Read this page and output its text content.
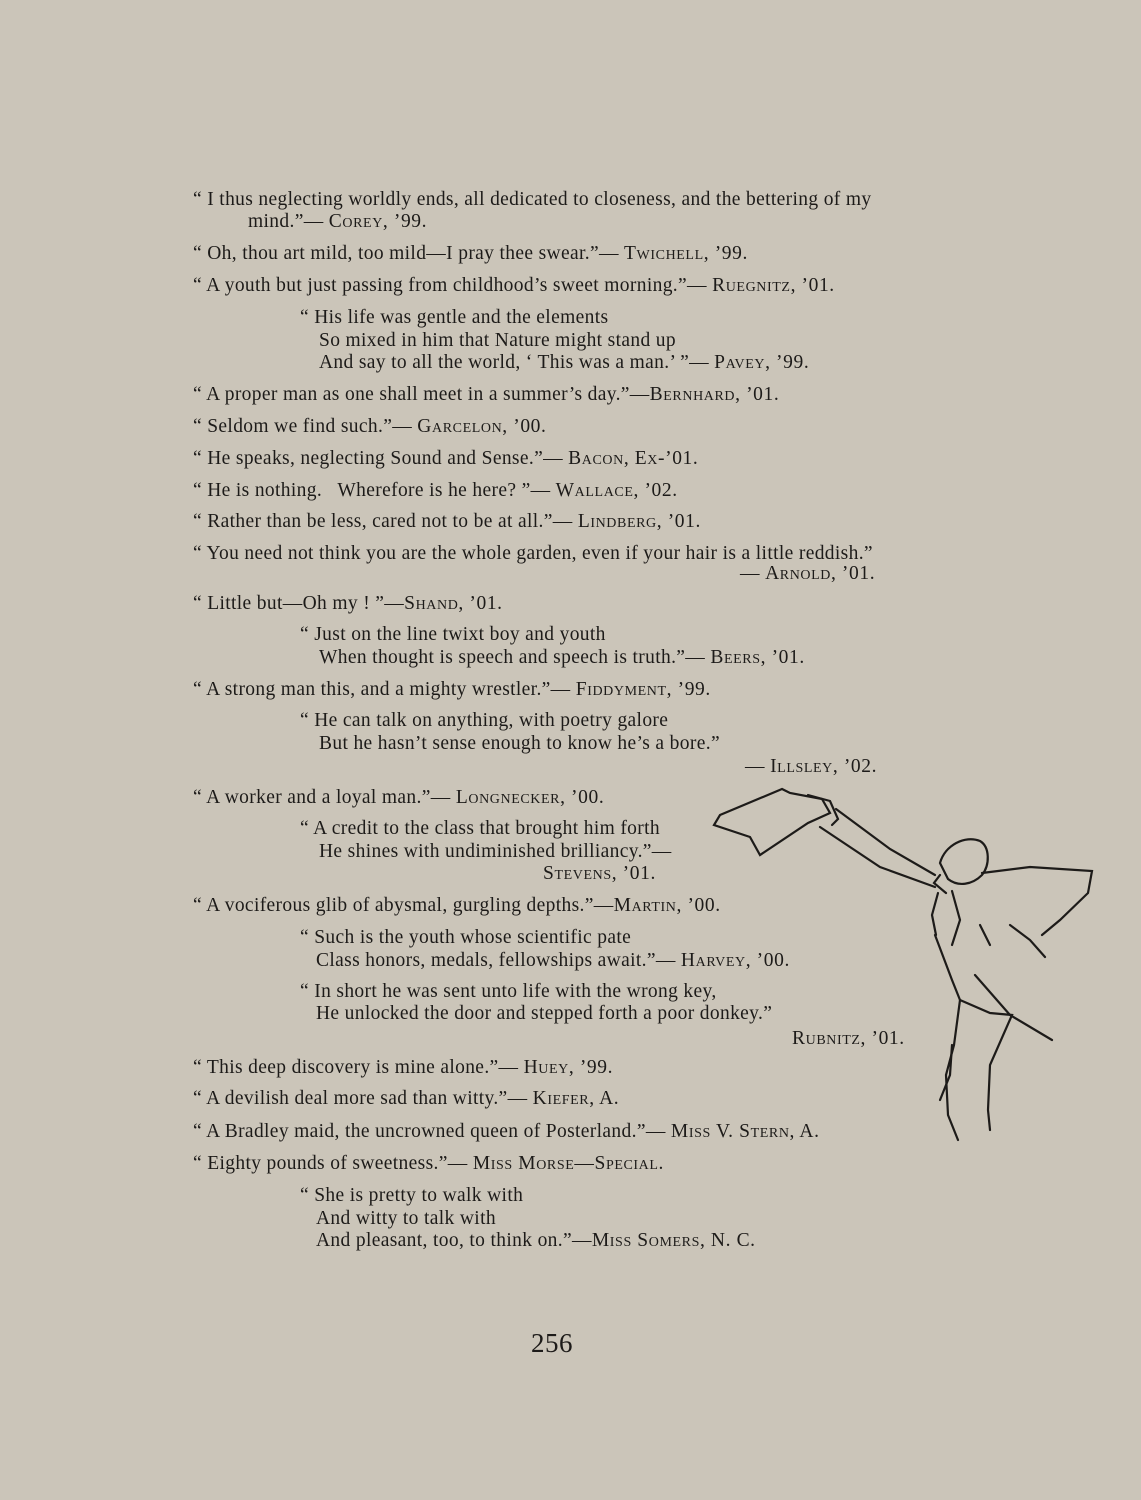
“ I thus neglecting worldly ends, all dedicated to closeness, and the bettering of my
mind.”— Corey, ’99.
“ Oh, thou art mild, too mild—I pray thee swear.”— Twichell, ’99.
“ A youth but just passing from childhood’s sweet morning.”— Ruegnitz, ’01.
“ His life was gentle and the elements
So mixed in him that Nature might stand up
And say to all the world, ‘ This was a man.’ ”— Pavey, ’99.
“ A proper man as one shall meet in a summer’s day.”—Bernhard, ’01.
“ Seldom we find such.”— Garcelon, ’00.
“ He speaks, neglecting Sound and Sense.”— Bacon, Ex-’01.
“ He is nothing.   Wherefore is he here? ”— Wallace, ’02.
“ Rather than be less, cared not to be at all.”— Lindberg, ’01.
“ You need not think you are the whole garden, even if your hair is a little reddish.”
— Arnold, ’01.
“ Little but—Oh my ! ”—Shand, ’01.
“ Just on the line twixt boy and youth
When thought is speech and speech is truth.”— Beers, ’01.
“ A strong man this, and a mighty wrestler.”— Fiddyment, ’99.
“ He can talk on anything, with poetry galore
But he hasn’t sense enough to know he’s a bore.”
— Illsley, ’02.
“ A worker and a loyal man.”— Longnecker, ’00.
“ A credit to the class that brought him forth
He shines with undiminished brilliancy.”—
Stevens, ’01.
“ A vociferous glib of abysmal, gurgling depths.”—Martin, ’00.
“ Such is the youth whose scientific pate
Class honors, medals, fellowships await.”— Harvey, ’00.
“ In short he was sent unto life with the wrong key,
He unlocked the door and stepped forth a poor donkey.”
Rubnitz, ’01.
“ This deep discovery is mine alone.”— Huey, ’99.
“ A devilish deal more sad than witty.”— Kiefer, A.
“ A Bradley maid, the uncrowned queen of Posterland.”— Miss V. Stern, A.
“ Eighty pounds of sweetness.”— Miss Morse—Special.
“ She is pretty to walk with
And witty to talk with
And pleasant, too, to think on.”—Miss Somers, N. C.
256
